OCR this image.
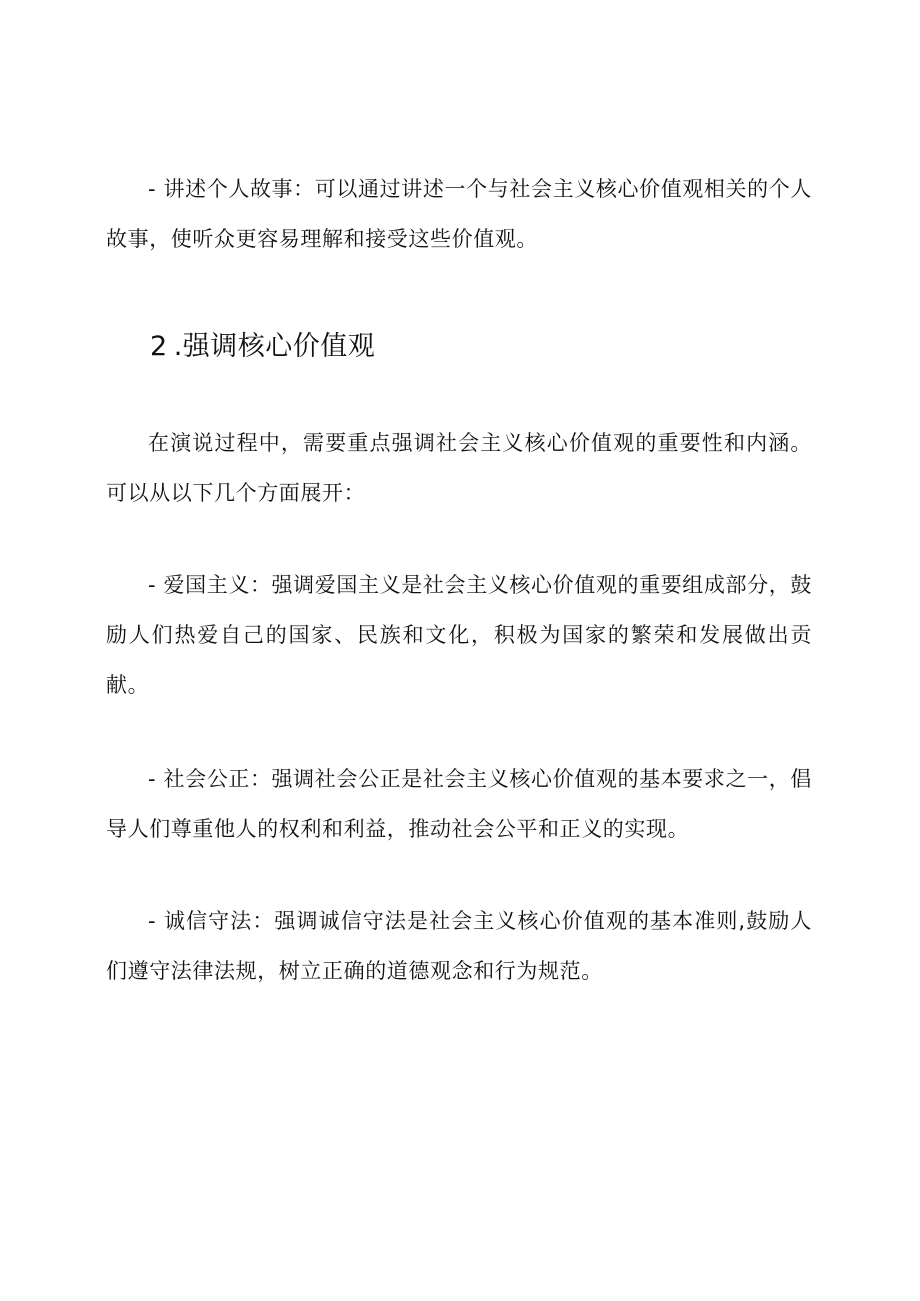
- 讲述个人故事：可以通过讲述一个与社会主义核心价值观相关的个人故事，使听众更容易理解和接受这些价值观。

2 .强调核心价值观

在演说过程中，需要重点强调社会主义核心价值观的重要性和内涵。可以从以下几个方面展开：

- 爱国主义：强调爱国主义是社会主义核心价值观的重要组成部分，鼓励人们热爱自己的国家、民族和文化，积极为国家的繁荣和发展做出贡献。

- 社会公正：强调社会公正是社会主义核心价值观的基本要求之一，倡导人们尊重他人的权利和利益，推动社会公平和正义的实现。

- 诚信守法：强调诚信守法是社会主义核心价值观的基本准则,鼓励人们遵守法律法规，树立正确的道德观念和行为规范。
